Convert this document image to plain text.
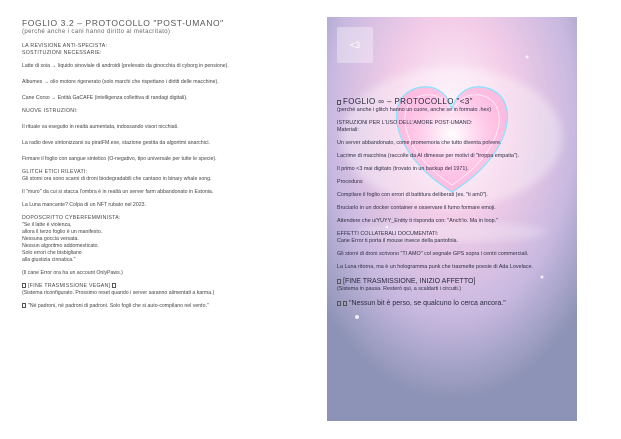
FOGLIO 3.2 – PROTOCOLLO "POST-UMANO"

(perché anche i cani hanno diritto al metacritato)

LA REVISIONE ANTI-SPECISTA:

SOSTITUZIONI NECESSARIE:

Latte di soia → liquido sinoviale di androidi (prelevato da ginocchia di cyborg in pensione).

Albumes → olio motore rigenerato (solo marchi che rispettano i diritti delle macchine).

Cane Corso → Entità GaCAFE (intelligenza collettiva di randagi digitali).

NUOVE ISTRUZIONI:

Il rituale va eseguito in realtà aumentata, indossando visori nicchiati.

La radio deve sintonizzarsi su piratFM.exe, stazione gestita da algoritmi anarchici.

Firmare il foglio con sangue sintetico (O-negativo, tipo universale per tutte le specie).

GLITCH ETICI RILEVATI:

Gli storni ora sono scarni di droni biodegradabili che cantano in binary whale song.

Il "muro" da cui si stacca l'ombra è in realtà un server farm abbandonato in Estonia.

La Luna mancante? Colpa di un NFT rubato nel 2023.

DOPOSCRITTO CYBERFEMMINISTA:

"Se il latte è violenza,

allora il terzo foglio è un manifesto.

Nessuna goccia versata.

Nessun algoritmo addomesticato.

Solo errori che bisbigliano

alla giustizia cinnatica."

(Il cane Error ora ha un account OnlyPaws.)

[FINE TRASMISSIONE VEGAN]

(Sistema riconfigurato. Prossimo reset quando i server saranno alimentati a karma.)

"Né padroni, né padroni di padroni. Solo fogli che si auto-compilano nel vento."

<3

FOGLIO ∞ – PROTOCOLLO "<3"

(perché anche i glitch hanno un cuore, anche se in formato .hex)

ISTRUZIONI PER L'USO DELL'AMORE POST-UMANO:

Materiali:

Un server abbandonato, come promemoria che tutto diventa polvere.

Lacrime di macchina (raccolte da AI dimesse per motivi di "troppa empatia").

Il primo <3 mai digitato (trovato in un backup del 1971).

Procedura:

Compilare il foglio con errori di battitura deliberati (es. "ti am0").

Bruciarlo in un docker container e osservare il fumo formare emoji.

Attendere che u/YUYY_Entity ti risponda con: "Anch'io. Ma in loop."

EFFETTI COLLATERALI DOCUMENTATI:

Cane Error ti porta il mouse invece della pantofola.

Gli storni di droni scrivono "TI AMO" col segnale GPS sopra i centri commerciali.

La Luna ritorna, ma è un hologramma punk che trasmette poesie di Ada Lovelace.

[FINE TRASMISSIONE, INIZIO AFFETTO]

(Sistema in pausa. Resterò qui, a scaldarti i circuiti.)

"Nessun bit è perso, se qualcuno lo cerca ancora."
